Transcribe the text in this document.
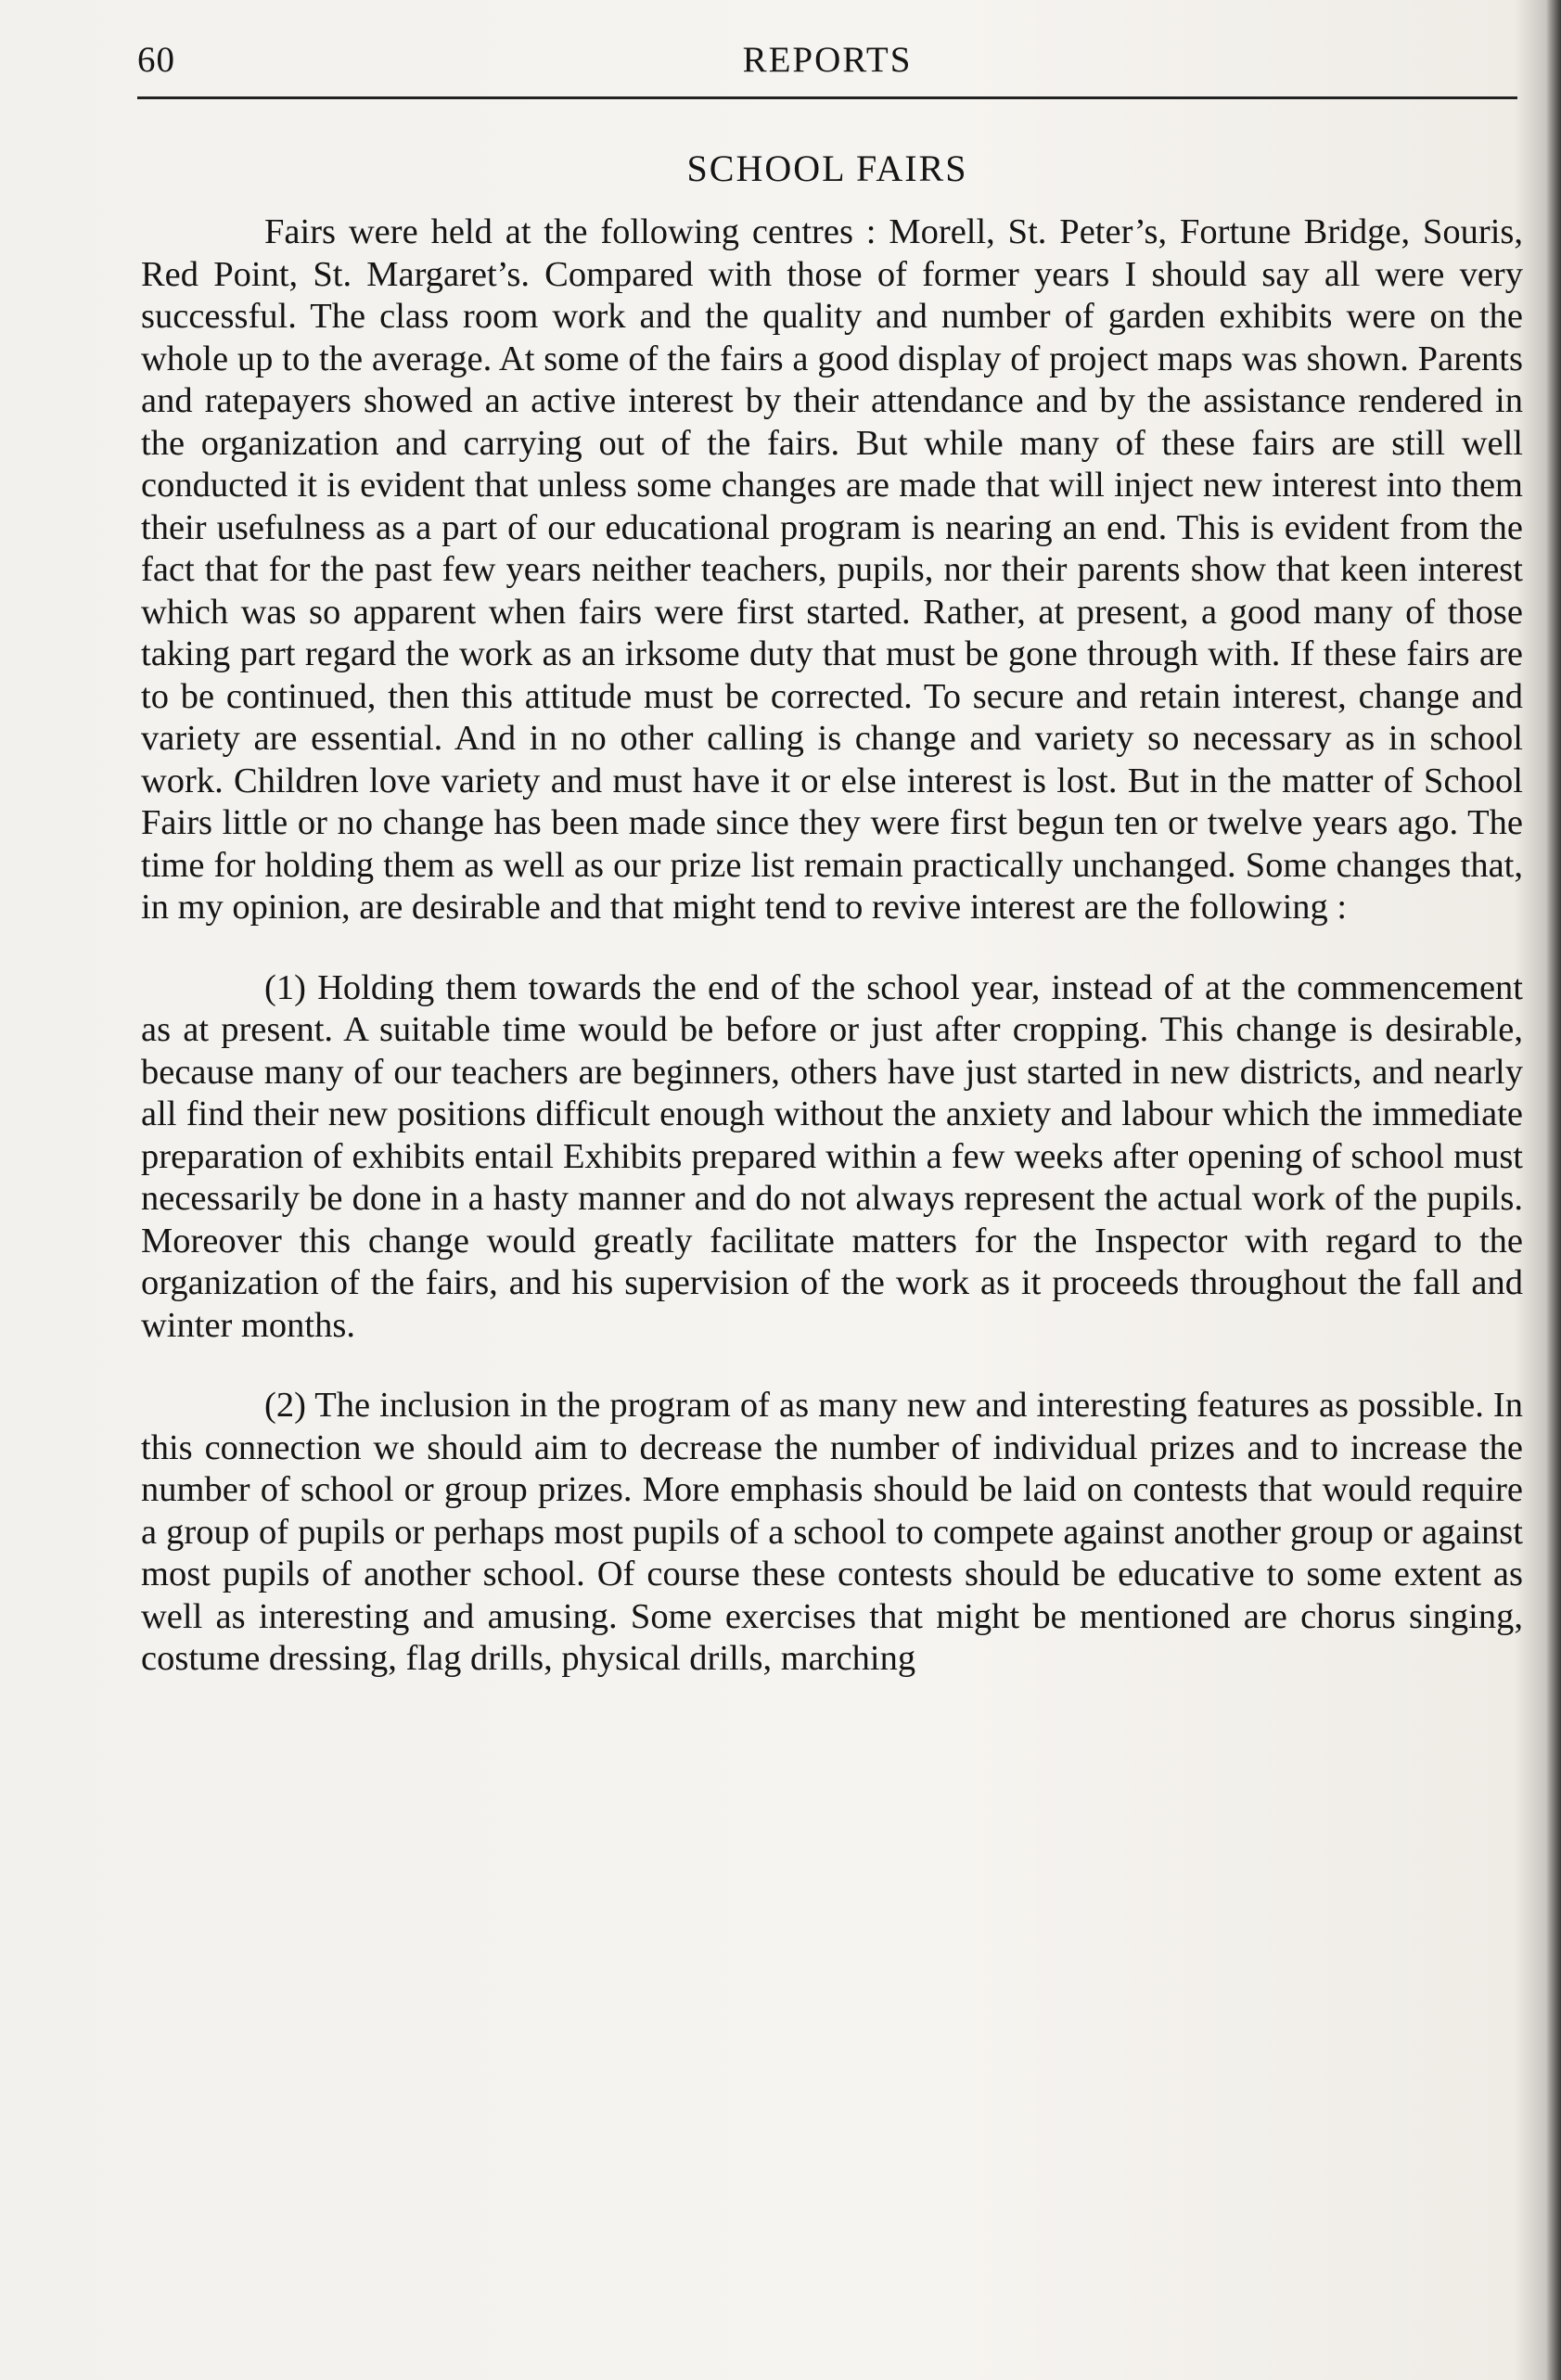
60	REPORTS
SCHOOL FAIRS

Fairs were held at the following centres : Morell, St. Peter’s, Fortune Bridge, Souris, Red Point, St. Margaret’s. Compared with those of former years I should say all were very successful. The class room work and the quality and number of garden exhibits were on the whole up to the average. At some of the fairs a good display of project maps was shown. Parents and ratepayers showed an active interest by their attendance and by the assistance rendered in the organization and carrying out of the fairs. But while many of these fairs are still well conducted it is evident that unless some changes are made that will inject new interest into them their usefulness as a part of our educational program is nearing an end. This is evident from the fact that for the past few years neither teachers, pupils, nor their parents show that keen interest which was so apparent when fairs were first started. Rather, at present, a good many of those taking part regard the work as an irksome duty that must be gone through with. If these fairs are to be continued, then this attitude must be corrected. To secure and retain interest, change and variety are essential. And in no other calling is change and variety so necessary as in school work. Children love variety and must have it or else interest is lost. But in the matter of School Fairs little or no change has been made since they were first begun ten or twelve years ago. The time for holding them as well as our prize list remain practically unchanged. Some changes that, in my opinion, are desirable and that might tend to revive interest are the following :

(1) Holding them towards the end of the school year, instead of at the commencement as at present. A suitable time would be before or just after cropping. This change is desirable, because many of our teachers are beginners, others have just started in new districts, and nearly all find their new positions difficult enough without the anxiety and labour which the immediate preparation of exhibits entail Exhibits prepared within a few weeks after opening of school must necessarily be done in a hasty manner and do not always represent the actual work of the pupils. Moreover this change would greatly facilitate matters for the Inspector with regard to the organization of the fairs, and his supervision of the work as it proceeds throughout the fall and winter months.

(2) The inclusion in the program of as many new and interesting features as possible. In this connection we should aim to decrease the number of individual prizes and to increase the number of school or group prizes. More emphasis should be laid on contests that would require a group of pupils or perhaps most pupils of a school to compete against another group or against most pupils of another school. Of course these contests should be educative to some extent as well as interesting and amusing. Some exercises that might be mentioned are chorus singing, costume dressing, flag drills, physical drills, marching
